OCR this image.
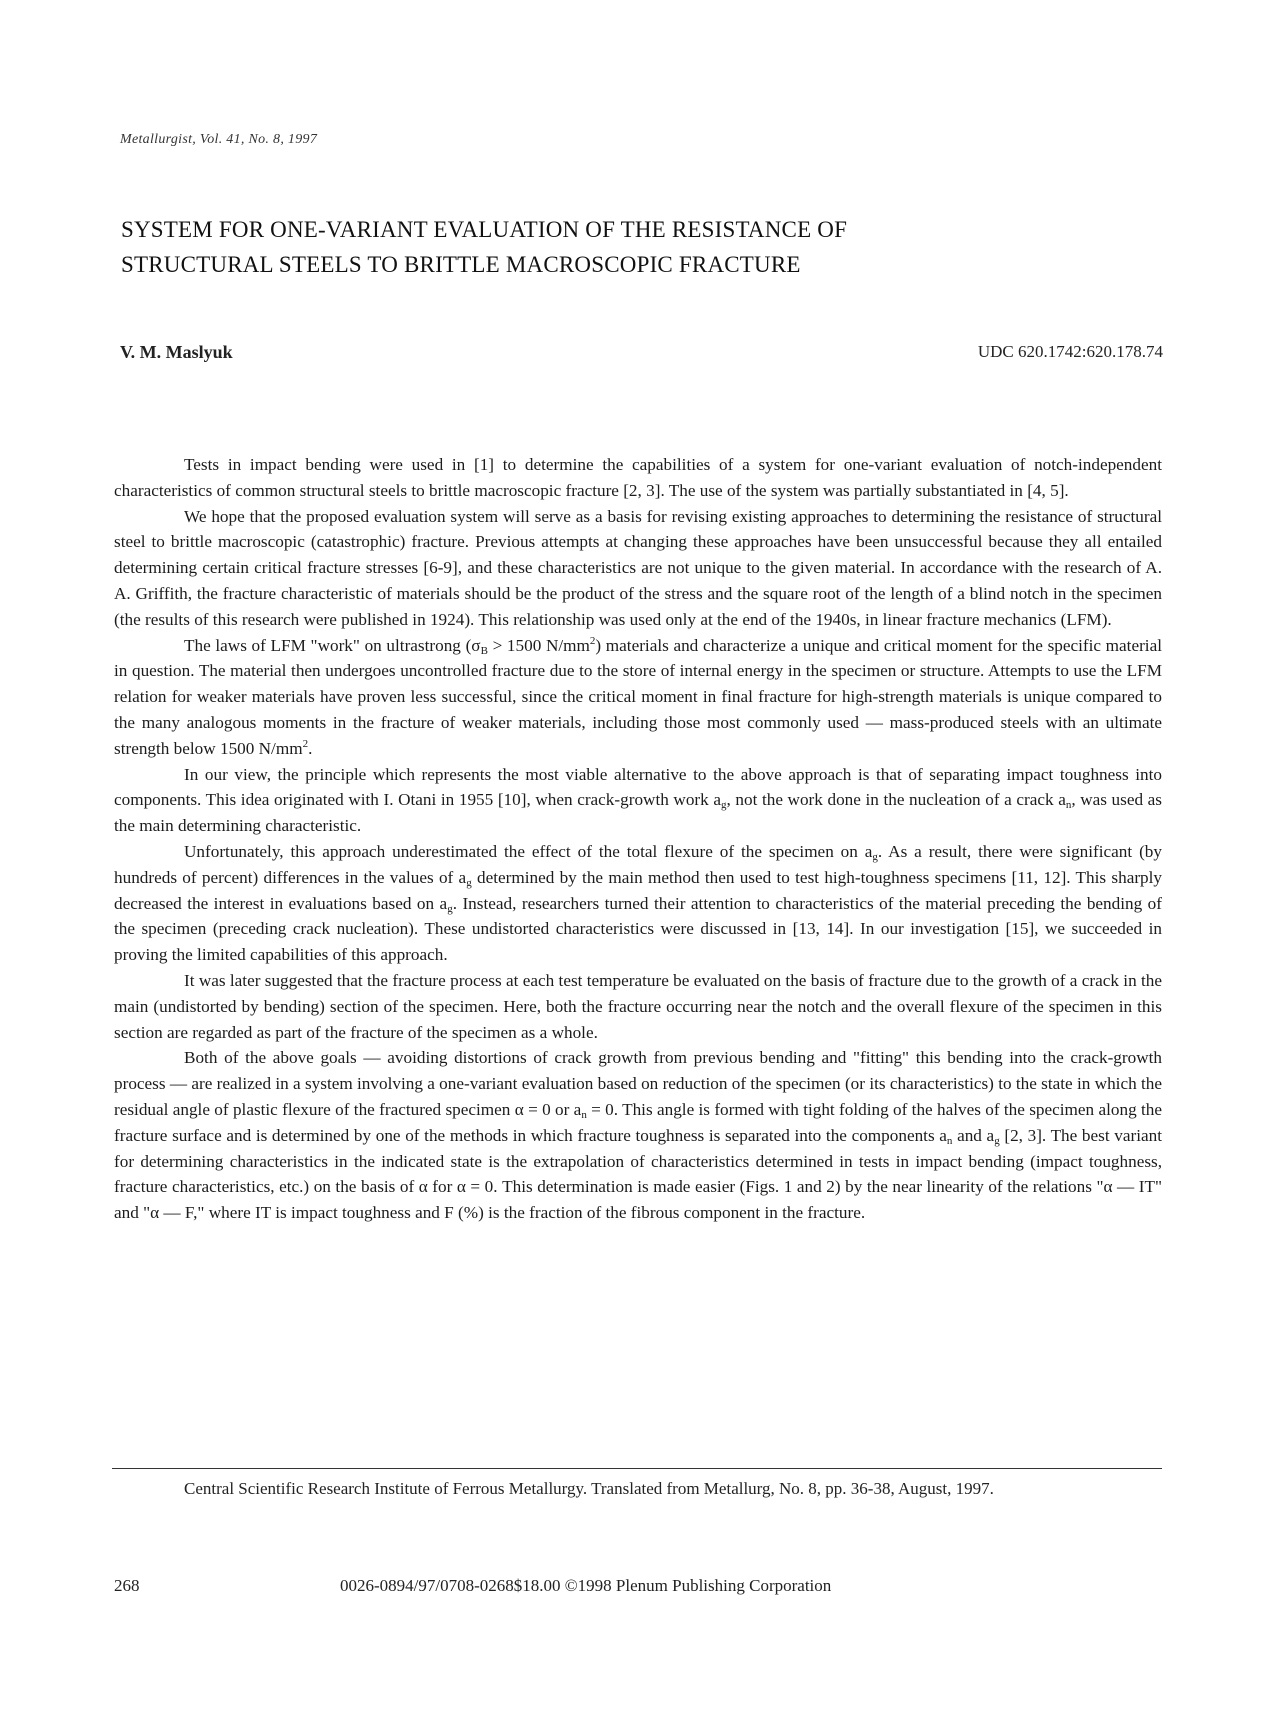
Metallurgist, Vol. 41, No. 8, 1997
SYSTEM FOR ONE-VARIANT EVALUATION OF THE RESISTANCE OF
STRUCTURAL STEELS TO BRITTLE MACROSCOPIC FRACTURE
V. M. Maslyuk	UDC 620.1742:620.178.74

Tests in impact bending were used in [1] to determine the capabilities of a system for one-variant evaluation of notch-independent characteristics of common structural steels to brittle macroscopic fracture [2, 3]. The use of the system was partially substantiated in [4, 5].

We hope that the proposed evaluation system will serve as a basis for revising existing approaches to determining the resistance of structural steel to brittle macroscopic (catastrophic) fracture. Previous attempts at changing these approaches have been unsuccessful because they all entailed determining certain critical fracture stresses [6-9], and these characteristics are not unique to the given material. In accordance with the research of A. A. Griffith, the fracture characteristic of materials should be the product of the stress and the square root of the length of a blind notch in the specimen (the results of this research were published in 1924). This relationship was used only at the end of the 1940s, in linear fracture mechanics (LFM).

The laws of LFM "work" on ultrastrong ($\sigma_B > 1500$ $N/mm^2$) materials and characterize a unique and critical moment for the specific material in question. The material then undergoes uncontrolled fracture due to the store of internal energy in the specimen or structure. Attempts to use the LFM relation for weaker materials have proven less successful, since the critical moment in final fracture for high-strength materials is unique compared to the many analogous moments in the fracture of weaker materials, including those most commonly used — mass-produced steels with an ultimate strength below 1500 $N/mm^2$.

In our view, the principle which represents the most viable alternative to the above approach is that of separating impact toughness into components. This idea originated with I. Otani in 1955 [10], when crack-growth work $a_g$, not the work done in the nucleation of a crack $a_n$, was used as the main determining characteristic.

Unfortunately, this approach underestimated the effect of the total flexure of the specimen on $a_g$. As a result, there were significant (by hundreds of percent) differences in the values of $a_g$ determined by the main method then used to test high-toughness specimens [11, 12]. This sharply decreased the interest in evaluations based on $a_g$. Instead, researchers turned their attention to characteristics of the material preceding the bending of the specimen (preceding crack nucleation). These undistorted characteristics were discussed in [13, 14]. In our investigation [15], we succeeded in proving the limited capabilities of this approach.

It was later suggested that the fracture process at each test temperature be evaluated on the basis of fracture due to the growth of a crack in the main (undistorted by bending) section of the specimen. Here, both the fracture occurring near the notch and the overall flexure of the specimen in this section are regarded as part of the fracture of the specimen as a whole.

Both of the above goals — avoiding distortions of crack growth from previous bending and "fitting" this bending into the crack-growth process — are realized in a system involving a one-variant evaluation based on reduction of the specimen (or its characteristics) to the state in which the residual angle of plastic flexure of the fractured specimen α = 0 or $a_n = 0$. This angle is formed with tight folding of the halves of the specimen along the fracture surface and is determined by one of the methods in which fracture toughness is separated into the components $a_n$ and $a_g$ [2, 3]. The best variant for determining characteristics in the indicated state is the extrapolation of characteristics determined in tests in impact bending (impact toughness, fracture characteristics, etc.) on the basis of α for α = 0. This determination is made easier (Figs. 1 and 2) by the near linearity of the relations "α — IT" and "α — F," where IT is impact toughness and F (%) is the fraction of the fibrous component in the fracture.

Central Scientific Research Institute of Ferrous Metallurgy. Translated from Metallurg, No. 8, pp. 36-38, August, 1997.

268	0026-0894/97/0708-0268$18.00 ©1998 Plenum Publishing Corporation
